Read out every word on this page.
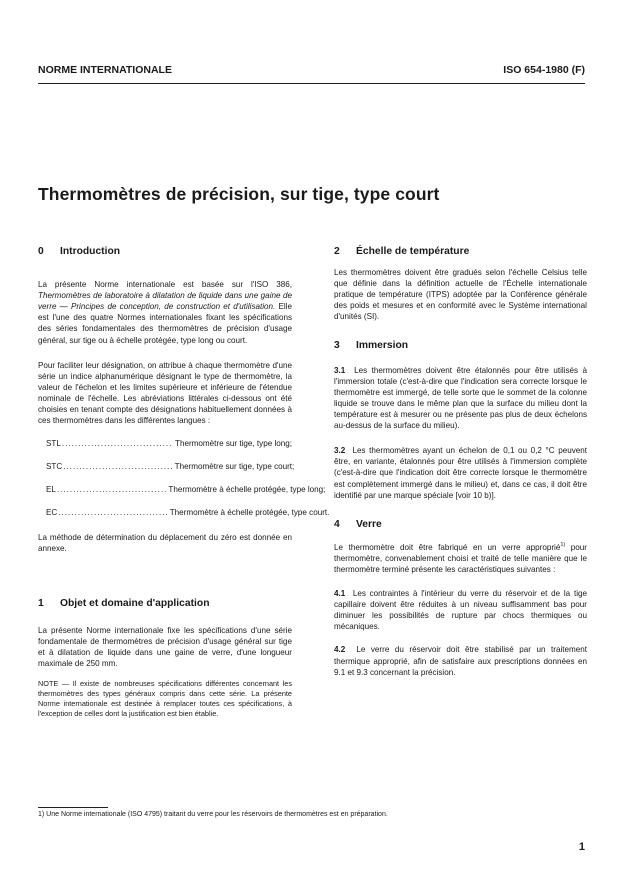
NORME INTERNATIONALE	ISO 654-1980 (F)
Thermomètres de précision, sur tige, type court
0 Introduction

La présente Norme internationale est basée sur l'ISO 386, Thermomètres de laboratoire à dilatation de liquide dans une gaine de verre — Principes de conception, de construction et d'utilisation. Elle est l'une des quatre Normes internationales fixant les spécifications des séries fondamentales des thermomètres de précision d'usage général, sur tige ou à échelle protégée, type long ou court.

Pour faciliter leur désignation, on attribue à chaque thermomètre d'une série un indice alphanumérique désignant le type de thermomètre, la valeur de l'échelon et les limites supérieure et inférieure de l'étendue nominale de l'échelle. Les abréviations littérales ci-dessous ont été choisies en tenant compte des désignations habituellement données à ces thermomètres dans les différentes langues :

STL .................................. Thermomètre sur tige, type long;
STC .................................. Thermomètre sur tige, type court;
EL .................................. Thermomètre à échelle protégée, type long;
EC .................................. Thermomètre à échelle protégée, type court.

La méthode de détermination du déplacement du zéro est donnée en annexe.

1 Objet et domaine d'application

La présente Norme internationale fixe les spécifications d'une série fondamentale de thermomètres de précision d'usage général sur tige et à dilatation de liquide dans une gaine de verre, d'une longueur maximale de 250 mm.

NOTE — Il existe de nombreuses spécifications différentes concernant les thermomètres des types généraux compris dans cette série. La présente Norme internationale est destinée à remplacer toutes ces spécifications, à l'exception de celles dont la justification est bien établie.

2 Échelle de température

Les thermomètres doivent être gradués selon l'échelle Celsius telle que définie dans la définition actuelle de l'Échelle internationale pratique de température (ITPS) adoptée par la Conférence générale des poids et mesures et en conformité avec le Système international d'unités (SI).

3 Immersion

3.1 Les thermomètres doivent être étalonnés pour être utilisés à l'immersion totale (c'est-à-dire que l'indication sera correcte lorsque le thermomètre est immergé, de telle sorte que le sommet de la colonne liquide se trouve dans le même plan que la surface du milieu dont la température est à mesurer ou ne présente pas plus de deux échelons au-dessus de la surface du milieu).

3.2 Les thermomètres ayant un échelon de 0,1 ou 0,2 °C peuvent être, en variante, étalonnés pour être utilisés à l'immersion complète (c'est-à-dire que l'indication doit être correcte lorsque le thermomètre est complètement immergé dans le milieu) et, dans ce cas, il doit être identifié par une marque spéciale [voir 10 b)].

4 Verre

Le thermomètre doit être fabriqué en un verre approprié$^{1)}$ pour thermomètre, convenablement choisi et traité de telle manière que le thermomètre terminé présente les caractéristiques suivantes :

4.1 Les contraintes à l'intérieur du verre du réservoir et de la tige capillaire doivent être réduites à un niveau suffisamment bas pour diminuer les possibilités de rupture par chocs thermiques ou mécaniques.

4.2 Le verre du réservoir doit être stabilisé par un traitement thermique approprié, afin de satisfaire aux prescriptions données en 9.1 et 9.3 concernant la précision.

1) Une Norme internationale (ISO 4795) traitant du verre pour les réservoirs de thermomètres est en préparation.
1
